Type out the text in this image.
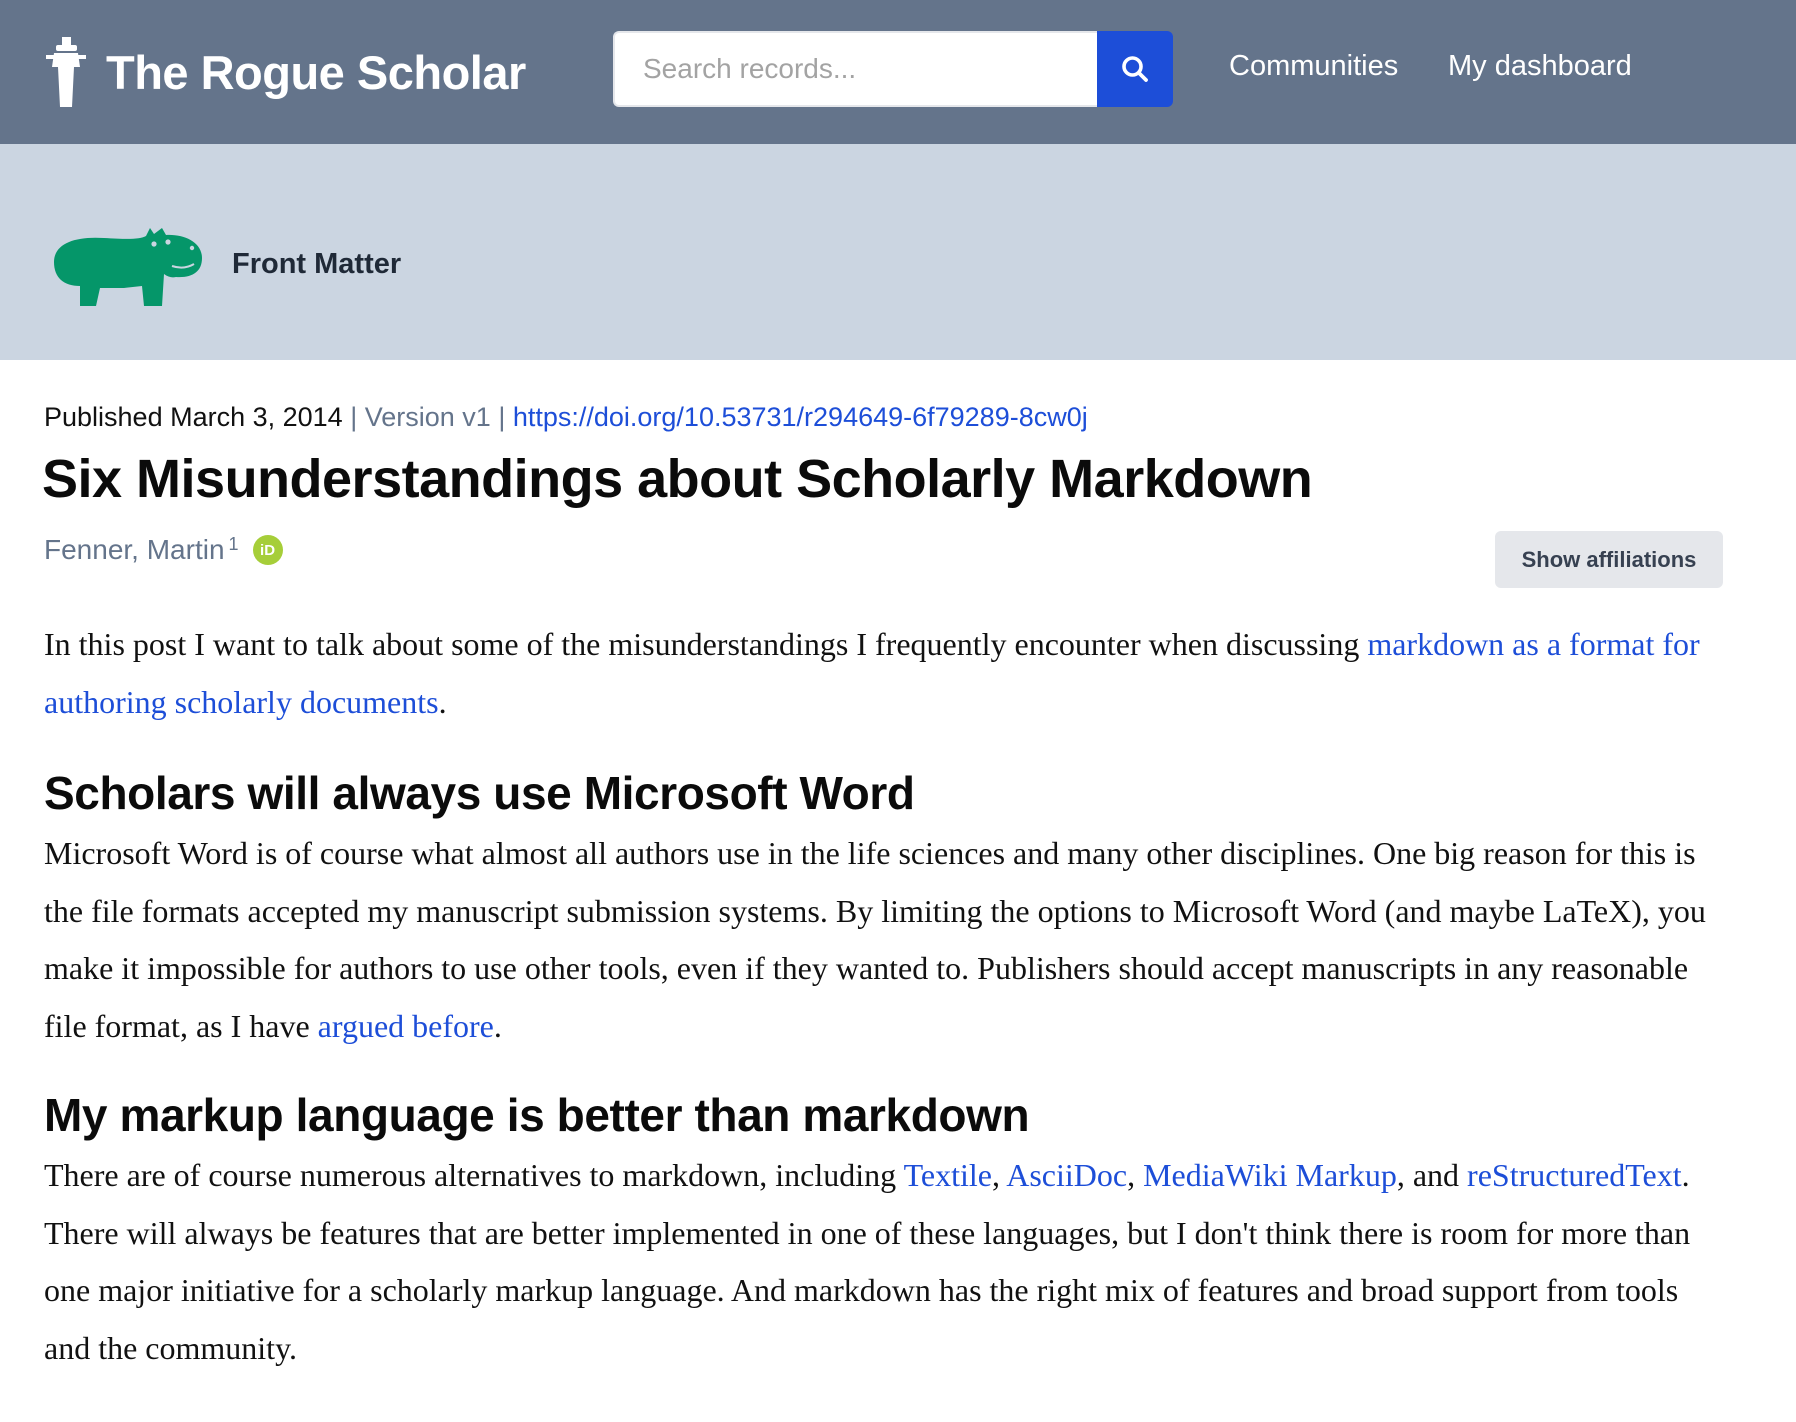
The Rogue Scholar
Search records...	Communities My dashboard
Front Matter
Published March 3, 2014 | Version v1 | https://doi.org/10.53731/r294649-6f79289-8cw0j
Six Misunderstandings about Scholarly Markdown
Fenner, Martin$^1$	iD	Show affiliations

In this post I want to talk about some of the misunderstandings I frequently encounter when discussing markdown as a format for authoring scholarly documents.

Scholars will always use Microsoft Word

Microsoft Word is of course what almost all authors use in the life sciences and many other disciplines. One big reason for this is the file formats accepted my manuscript submission systems. By limiting the options to Microsoft Word (and maybe LaTeX), you make it impossible for authors to use other tools, even if they wanted to. Publishers should accept manuscripts in any reasonable file format, as I have argued before.

My markup language is better than markdown

There are of course numerous alternatives to markdown, including Textile, AsciiDoc, MediaWiki Markup, and reStructuredText. There will always be features that are better implemented in one of these languages, but I don't think there is room for more than one major initiative for a scholarly markup language. And markdown has the right mix of features and broad support from tools and the community.
